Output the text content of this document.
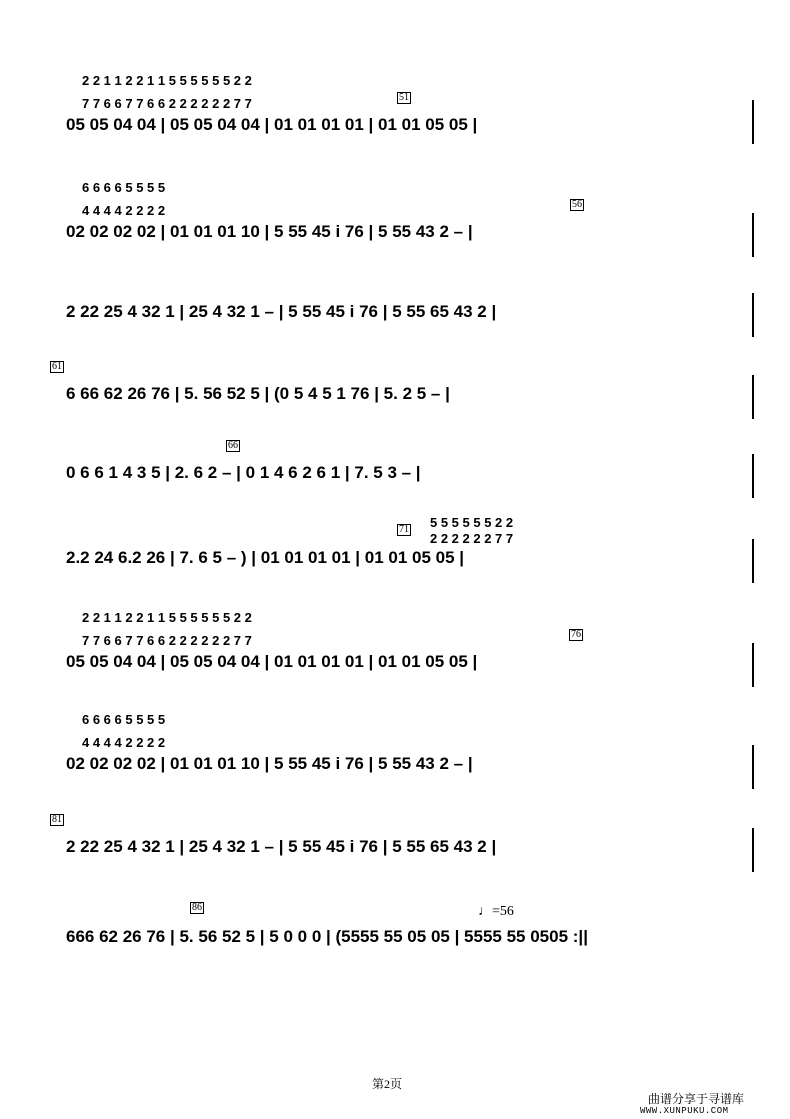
2 2 1 1 2 2 1 1 5 5 5 5 5 5 2 2
7 7 6 6 7 7 6 6 2 2 2 2 2 2 7 7
05 05 04 04 | 05 05 04 04 | 01 01 01 01 | 01 01 05 05 |
51
6 6 6 6 5 5 5 5
4 4 4 4 2 2 2 2
02 02 02 02 | 01 01 01 10 | 5 55 45 i 76 | 5 55 43 2 – |
56
2 22 25 4 32 1 | 25 4 32 1 – | 5 55 45 i 76 | 5 55 65 43 2 |
6 66 62 26 76 | 5. 56 52 5 | (0 5 4 5 1 76 | 5. 2 5 – |
61
0 6 6 1 4 3 5 | 2. 6 2 – | 0 1 4 6 2 6 1 | 7. 5 3 – |
66
5 5 5 5 5 5 2 2
2 2 2 2 2 2 7 7
2.2 24 6.2 26 | 7. 6 5 – ) | 01 01 01 01 | 01 01 05 05 |
71
2 2 1 1 2 2 1 1 5 5 5 5 5 5 2 2
7 7 6 6 7 7 6 6 2 2 2 2 2 2 7 7
05 05 04 04 | 05 05 04 04 | 01 01 01 01 | 01 01 05 05 |
76
6 6 6 6 5 5 5 5
4 4 4 4 2 2 2 2
02 02 02 02 | 01 01 01 10 | 5 55 45 i 76 | 5 55 43 2 – |
2 22 25 4 32 1 | 25 4 32 1 – | 5 55 45 i 76 | 5 55 65 43 2 |
81
666 62 26 76 | 5. 56 52 5 | 5 0 0 0 | (5555 55 05 05 | 5555 55 0505 :||
86	♩=56
第2页
曲谱分享于寻谱库
WWW.XUNPUKU.COM
